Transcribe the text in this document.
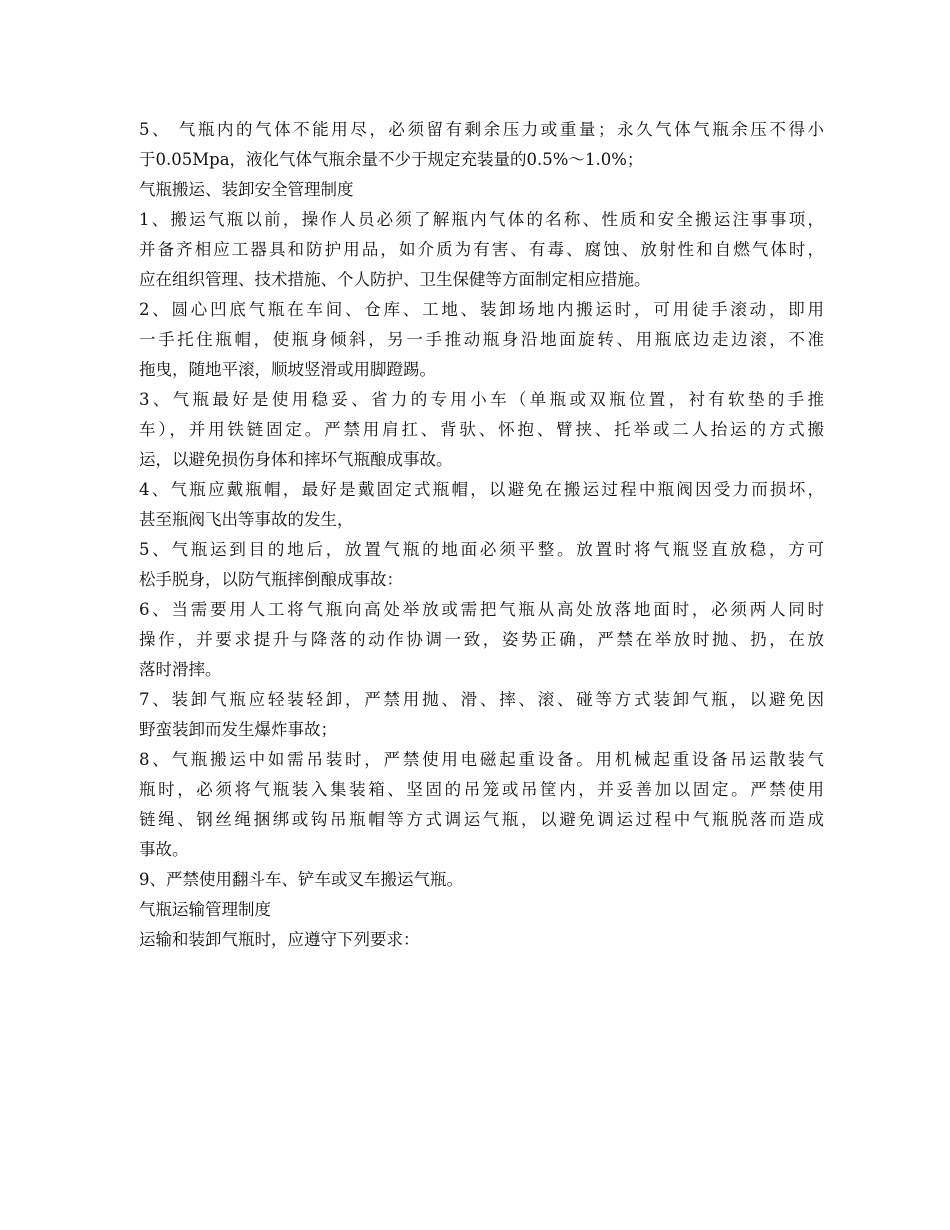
5、 气瓶内的气体不能用尽，必须留有剩余压力或重量；永久气体气瓶余压不得小
于0.05Mpa，液化气体气瓶余量不少于规定充装量的0.5%～1.0%；
气瓶搬运、装卸安全管理制度
1、搬运气瓶以前，操作人员必须了解瓶内气体的名称、性质和安全搬运注事事项，
并备齐相应工器具和防护用品，如介质为有害、有毒、腐蚀、放射性和自燃气体时，
应在组织管理、技术措施、个人防护、卫生保健等方面制定相应措施。
2、圆心凹底气瓶在车间、仓库、工地、装卸场地内搬运时，可用徒手滚动，即用
一手托住瓶帽，使瓶身倾斜，另一手推动瓶身沿地面旋转、用瓶底边走边滚，不准
拖曳，随地平滚，顺坡竖滑或用脚蹬踢。
3、气瓶最好是使用稳妥、省力的专用小车（单瓶或双瓶位置，衬有软垫的手推
车），并用铁链固定。严禁用肩扛、背驮、怀抱、臂挟、托举或二人抬运的方式搬
运，以避免损伤身体和摔坏气瓶酿成事故。
4、气瓶应戴瓶帽，最好是戴固定式瓶帽，以避免在搬运过程中瓶阀因受力而损坏，
甚至瓶阀飞出等事故的发生，
5、气瓶运到目的地后，放置气瓶的地面必须平整。放置时将气瓶竖直放稳，方可
松手脱身，以防气瓶摔倒酿成事故：
6、当需要用人工将气瓶向高处举放或需把气瓶从高处放落地面时，必须两人同时
操作，并要求提升与降落的动作协调一致，姿势正确，严禁在举放时抛、扔，在放
落时滑摔。
7、装卸气瓶应轻装轻卸，严禁用抛、滑、摔、滚、碰等方式装卸气瓶，以避免因
野蛮装卸而发生爆炸事故；
8、气瓶搬运中如需吊装时，严禁使用电磁起重设备。用机械起重设备吊运散装气
瓶时，必须将气瓶装入集装箱、坚固的吊笼或吊筐内，并妥善加以固定。严禁使用
链绳、钢丝绳捆绑或钩吊瓶帽等方式调运气瓶，以避免调运过程中气瓶脱落而造成
事故。
9、严禁使用翻斗车、铲车或叉车搬运气瓶。
气瓶运输管理制度
运输和装卸气瓶时，应遵守下列要求：
